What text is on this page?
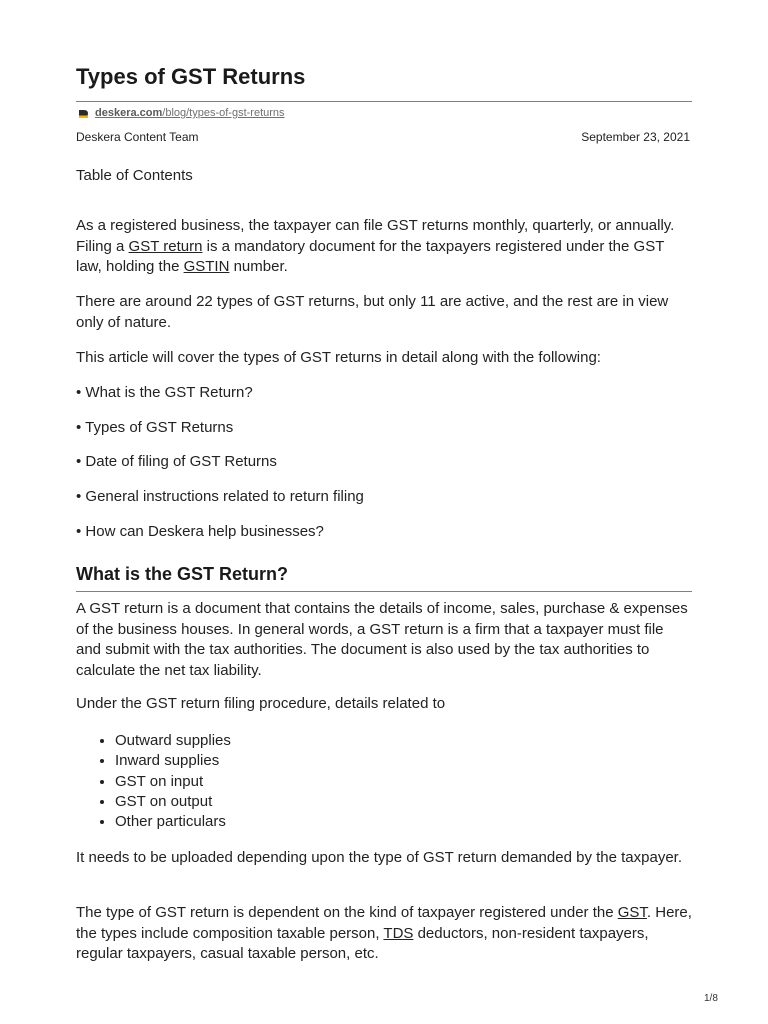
Types of GST Returns
deskera.com/blog/types-of-gst-returns
Deskera Content Team	September 23, 2021

Table of Contents

As a registered business, the taxpayer can file GST returns monthly, quarterly, or annually. Filing a GST return is a mandatory document for the taxpayers registered under the GST law, holding the GSTIN number.

There are around 22 types of GST returns, but only 11 are active, and the rest are in view only of nature.

This article will cover the types of GST returns in detail along with the following:

• What is the GST Return?

• Types of GST Returns

• Date of filing of GST Returns

• General instructions related to return filing

• How can Deskera help businesses?

What is the GST Return?

A GST return is a document that contains the details of income, sales, purchase & expenses of the business houses. In general words, a GST return is a firm that a taxpayer must file and submit with the tax authorities. The document is also used by the tax authorities to calculate the net tax liability.

Under the GST return filing procedure, details related to

• Outward supplies
• Inward supplies
• GST on input
• GST on output
• Other particulars

It needs to be uploaded depending upon the type of GST return demanded by the taxpayer.

The type of GST return is dependent on the kind of taxpayer registered under the GST. Here, the types include composition taxable person, TDS deductors, non-resident taxpayers, regular taxpayers, casual taxable person, etc.

1/8
